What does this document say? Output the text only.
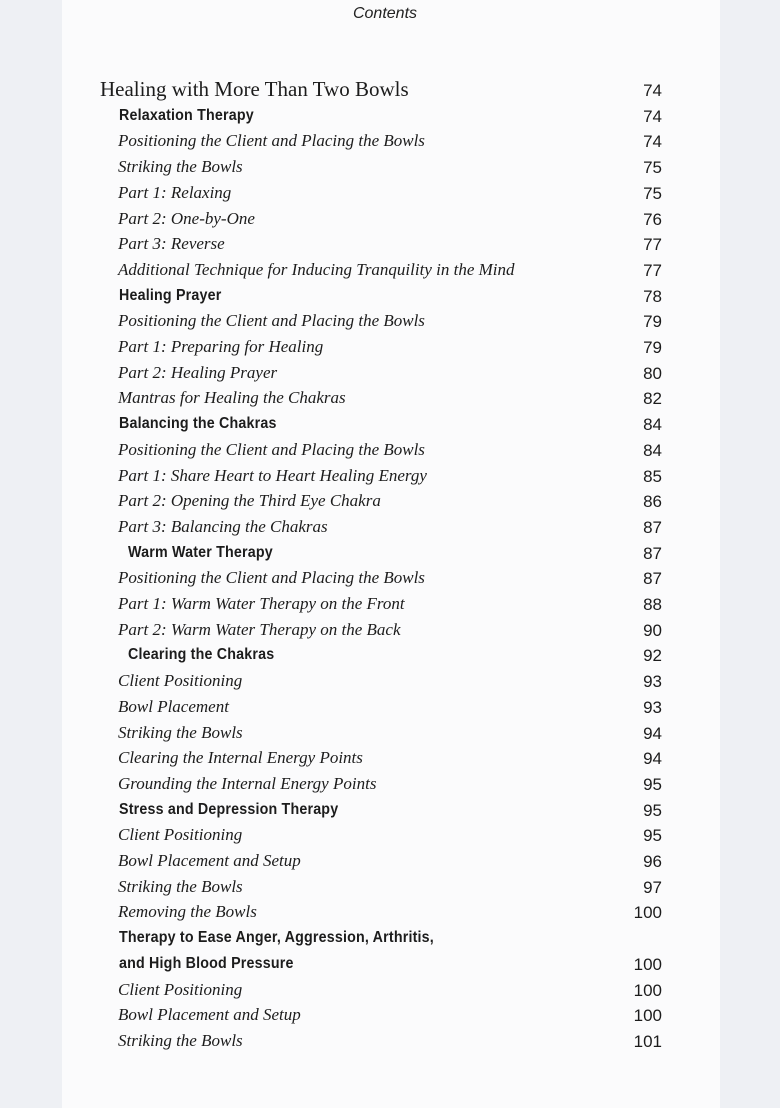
Contents
Healing with More Than Two Bowls	74
Relaxation Therapy	74
Positioning the Client and Placing the Bowls	74
Striking the Bowls	75
Part 1: Relaxing	75
Part 2: One-by-One	76
Part 3: Reverse	77
Additional Technique for Inducing Tranquility in the Mind	77
Healing Prayer	78
Positioning the Client and Placing the Bowls	79
Part 1: Preparing for Healing	79
Part 2: Healing Prayer	80
Mantras for Healing the Chakras	82
Balancing the Chakras	84
Positioning the Client and Placing the Bowls	84
Part 1: Share Heart to Heart Healing Energy	85
Part 2: Opening the Third Eye Chakra	86
Part 3: Balancing the Chakras	87
Warm Water Therapy	87
Positioning the Client and Placing the Bowls	87
Part 1: Warm Water Therapy on the Front	88
Part 2: Warm Water Therapy on the Back	90
Clearing the Chakras	92
Client Positioning	93
Bowl Placement	93
Striking the Bowls	94
Clearing the Internal Energy Points	94
Grounding the Internal Energy Points	95
Stress and Depression Therapy	95
Client Positioning	95
Bowl Placement and Setup	96
Striking the Bowls	97
Removing the Bowls	100
Therapy to Ease Anger, Aggression, Arthritis,
and High Blood Pressure	100
Client Positioning	100
Bowl Placement and Setup	100
Striking the Bowls	101
